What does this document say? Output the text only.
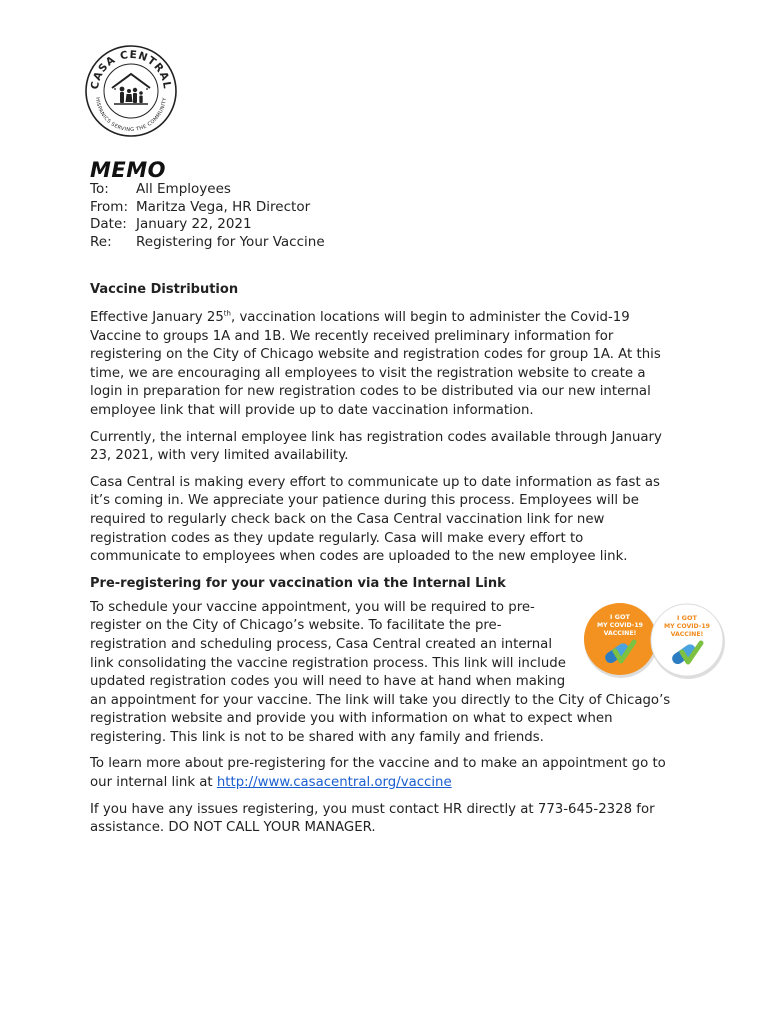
CASA CENTRAL
HISPANICS SERVING THE COMMUNITY
MEMO
To:	All Employees
From: Maritza Vega, HR Director
Date: January 22, 2021
Re:	Registering for Your Vaccine
Vaccine Distribution

Effective January 25th, vaccination locations will begin to administer the Covid-19 Vaccine to groups 1A and 1B. We recently received preliminary information for registering on the City of Chicago website and registration codes for group 1A. At this time, we are encouraging all employees to visit the registration website to create a login in preparation for new registration codes to be distributed via our new internal employee link that will provide up to date vaccination information.

Currently, the internal employee link has registration codes available through January 23, 2021, with very limited availability.

Casa Central is making every effort to communicate up to date information as fast as it’s coming in. We appreciate your patience during this process. Employees will be required to regularly check back on the Casa Central vaccination link for new registration codes as they update regularly. Casa will make every effort to communicate to employees when codes are uploaded to the new employee link.

Pre-registering for your vaccination via the Internal Link
I GOT
MY COVID-19
VACCINE!
I GOT
MY COVID-19
VACCINE!

To schedule your vaccine appointment, you will be required to pre-register on the City of Chicago’s website. To facilitate the pre-registration and scheduling process, Casa Central created an internal link consolidating the vaccine registration process. This link will include updated registration codes you will need to have at hand when making an appointment for your vaccine. The link will take you directly to the City of Chicago’s registration website and provide you with information on what to expect when registering. This link is not to be shared with any family and friends.

To learn more about pre-registering for the vaccine and to make an appointment go to our internal link at http://www.casacentral.org/vaccine

If you have any issues registering, you must contact HR directly at 773-645-2328 for assistance. DO NOT CALL YOUR MANAGER.
